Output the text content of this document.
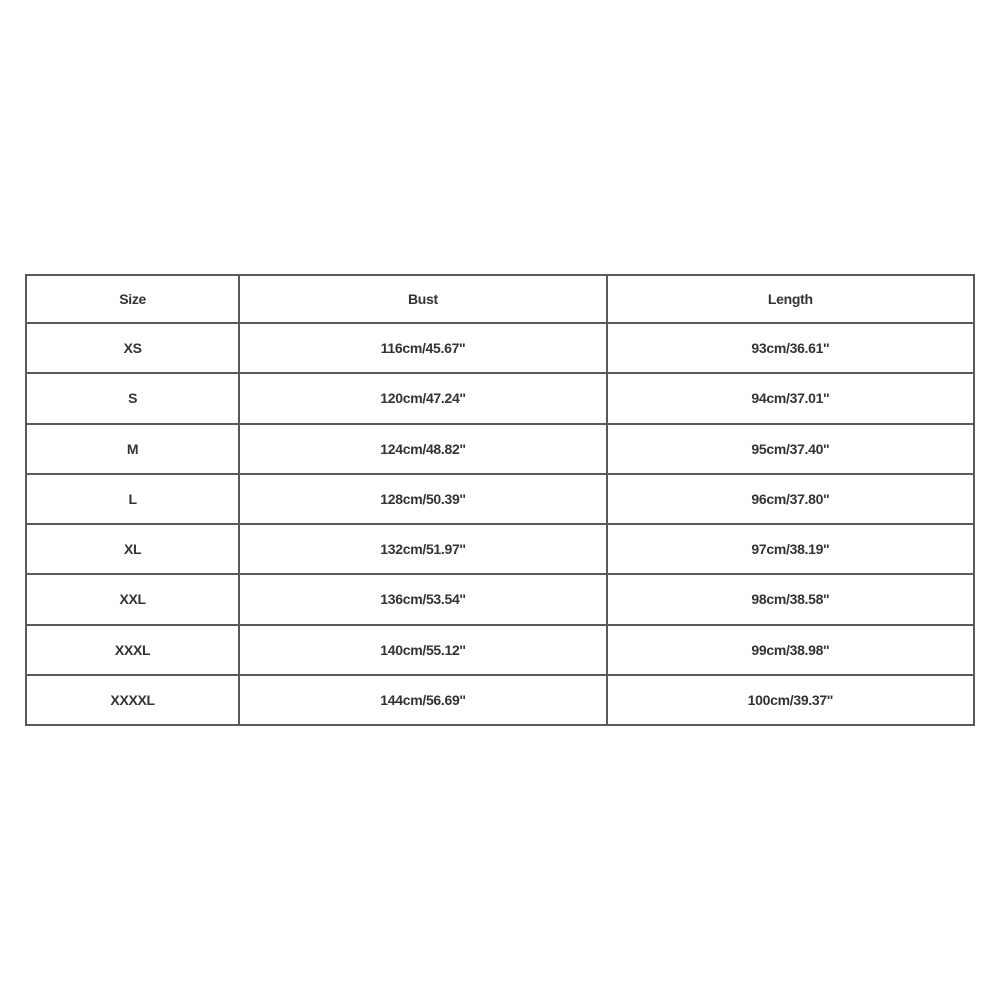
Size	Bust	Length
XS	116cm/45.67''	93cm/36.61''
S	120cm/47.24''	94cm/37.01''
M	124cm/48.82''	95cm/37.40''
L	128cm/50.39''	96cm/37.80''
XL	132cm/51.97''	97cm/38.19''
XXL	136cm/53.54''	98cm/38.58''
XXXL	140cm/55.12''	99cm/38.98''
XXXXL	144cm/56.69''	100cm/39.37''
